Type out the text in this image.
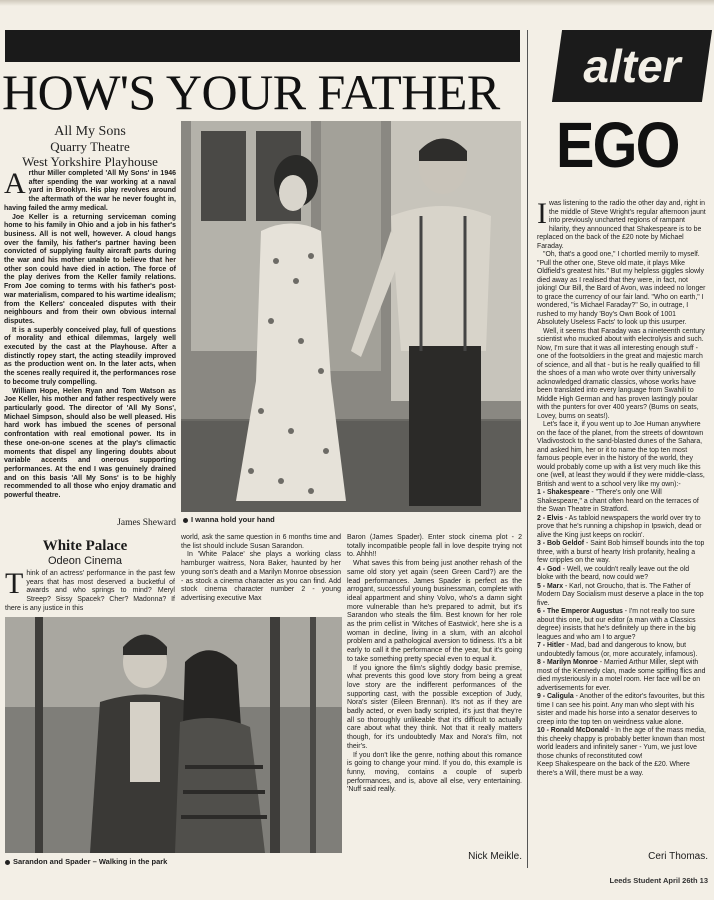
HOW'S YOUR FATHER
All My Sons
Quarry Theatre
West Yorkshire Playhouse

Arthur Miller completed 'All My Sons' in 1946 after spending the war working at a naval yard in Brooklyn. His play revolves around the aftermath of the war he never fought in, having failed the army medical.

Joe Keller is a returning serviceman coming home to his family in Ohio and a job in his father's business. All is not well, however. A cloud hangs over the family, his father's partner having been convicted of supplying faulty aircraft parts during the war and his mother unable to believe that her other son could have died in action. The force of the play derives from the Keller family relations. From Joe coming to terms with his father's post-war materialism, compared to his wartime idealism; from the Kellers' concealed disputes with their neighbours and from their own obvious internal disputes.

It is a superbly conceived play, full of questions of morality and ethical dilemmas, largely well executed by the cast at the Playhouse. After a distinctly ropey start, the acting steadily improved as the production went on. In the later acts, when the scenes really required it, the performances rose to become truly compelling.

William Hope, Helen Ryan and Tom Watson as Joe Keller, his mother and father respectively were particularly good. The director of 'All My Sons', Michael Simpson, should also be well pleased. His hard work has imbued the scenes of personal confrontation with real emotional power. Its in these one-on-one scenes at the play's climactic moments that dispel any lingering doubts about variable accents and onerous supporting performances. At the end I was genuinely drained and on this basis 'All My Sons' is to be highly recommended to all those who enjoy dramatic and powerful theatre.

James Sheward	I wanna hold your hand
White Palace
Odeon Cinema
Think of an actress' performance in the past few years that has most deserved a bucketful of awards and who springs to mind? Meryl Streep? Sissy Spacek? Cher? Madonna? If there is any justice in this

world, ask the same question in 6 months time and the list should include Susan Sarandon.

In 'White Palace' she plays a working class hamburger waitress, Nora Baker, haunted by her young son's death and a Marilyn Monroe obsession - as stock a cinema character as you can find. Add stock cinema character number 2 - young advertising executive Max

Baron (James Spader). Enter stock cinema plot - 2 totally incompatible people fall in love despite trying not to. Ahhh!!

What saves this from being just another rehash of the same old story yet again (seen Green Card?) are the lead performances. James Spader is perfect as the arrogant, successful young businessman, complete with ideal appartment and shiny Volvo, who's a damn sight more vulnerable than he's prepared to admit, but it's Sarandon who steals the film. Best known for her role as the prim cellist in 'Witches of Eastwick', here she is a woman in decline, living in a slum, with an alcohol problem and a pathological aversion to tidiness. It's a bit early to call it the performance of the year, but it's going to take something pretty special even to equal it.

If you ignore the film's slightly dodgy basic premise, what prevents this good love story from being a great love story are the indifferent performances of the supporting cast, with the possible exception of Judy, Nora's sister (Eileen Brennan). It's not as if they are badly acted, or even badly scripted, it's just that they're all so thoroughly unlikeable that it's difficult to actually care about what they think. Not that it really matters though, for it's undoubtedly Max and Nora's film, not their's.

If you don't like the genre, nothing about this romance is going to change your mind. If you do, this example is funny, moving, contains a couple of superb performances, and is, above all else, very entertaining. 'Nuff said really.

Nick Meikle.
Sarandon and Spader – Walking in the park
alter
EGO

I was listening to the radio the other day and, right in the middle of Steve Wright's regular afternoon jaunt into previously uncharted regions of rampant hilarity, they announced that Shakespeare is to be replaced on the back of the £20 note by Michael Faraday.

"Oh, that's a good one," I chortled merrily to myself. "Pull the other one, Steve old mate, it plays Mike Oldfield's greatest hits." But my helpless giggles slowly died away as I realised that they were, in fact, not joking! Our Bill, the Bard of Avon, was indeed no longer to grace the currency of our fair land. "Who on earth," I wondered, "is Michael Faraday?" So, in outrage, I rushed to my handy 'Boy's Own Book of 1001 Absolutely Useless Facts' to look up this usurper.

Well, it seems that Faraday was a nineteenth century scientist who mucked about with electrolysis and such. Now, I'm sure that it was all interesting enough stuff - one of the footsoldiers in the great and majestic march of science, and all that - but is he really qualified to fill the shoes of a man who wrote over thirty universally acknowledged dramatic classics, whose works have been translated into every language from Swahili to Middle High German and has proven lastingly poular with the punters for over 400 years? (Bums on seats, Lovey, bums on seats!).

Let's face it, if you went up to Joe Human anywhere on the face of the planet, from the streets of downtown Vladivostock to the sand-blasted dunes of the Sahara, and asked him, her or it to name the top ten most famous people ever in the history of the world, they would probably come up with a list very much like this one (well, at least they would if they were middle-class, British and went to a school very like my own):-

1 - Shakespeare - "There's only one Will Shakespeare," a chant often heard on the terraces of the Swan Theatre in Stratford.

2 - Elvis - As tabloid newspapers the world over try to prove that he's running a chipshop in Ipswich, dead or alive the King just keeps on rockin'.

3 - Bob Geldof - Saint Bob himself bounds into the top three, with a burst of hearty Irish profanity, healing a few cripples on the way.

4 - God - Well, we couldn't really leave out the old bloke with the beard, now could we?

5 - Marx - Karl, not Groucho, that is. The Father of Modern Day Socialism must deserve a place in the top five.

6 - The Emperor Augustus - I'm not really too sure about this one, but our editor (a man with a Classics degree) insists that he's definitely up there in the big leagues and who am I to argue?

7 - Hitler - Mad, bad and dangerous to know, but undoubtedly famous (or, more accurately, infamous).

8 - Marilyn Monroe - Married Arthur Miller, slept with most of the Kennedy clan, made some spiffing flics and died mysteriously in a motel room. Her face will be on advertisements for ever.

9 - Caligula - Another of the editor's favourites, but this time I can see his point. Any man who slept with his sister and made his horse into a senator deserves to creep into the top ten on weirdness value alone.

10 - Ronald McDonald - In the age of the mass media, this cheeky chappy is probably better known than most world leaders and infinitely saner - Yum, we just love those chunks of reconstituted cow!

Keep Shakespeare on the back of the £20. Where there's a Will, there must be a way.

Ceri Thomas.
Leeds Student April 26th 13
